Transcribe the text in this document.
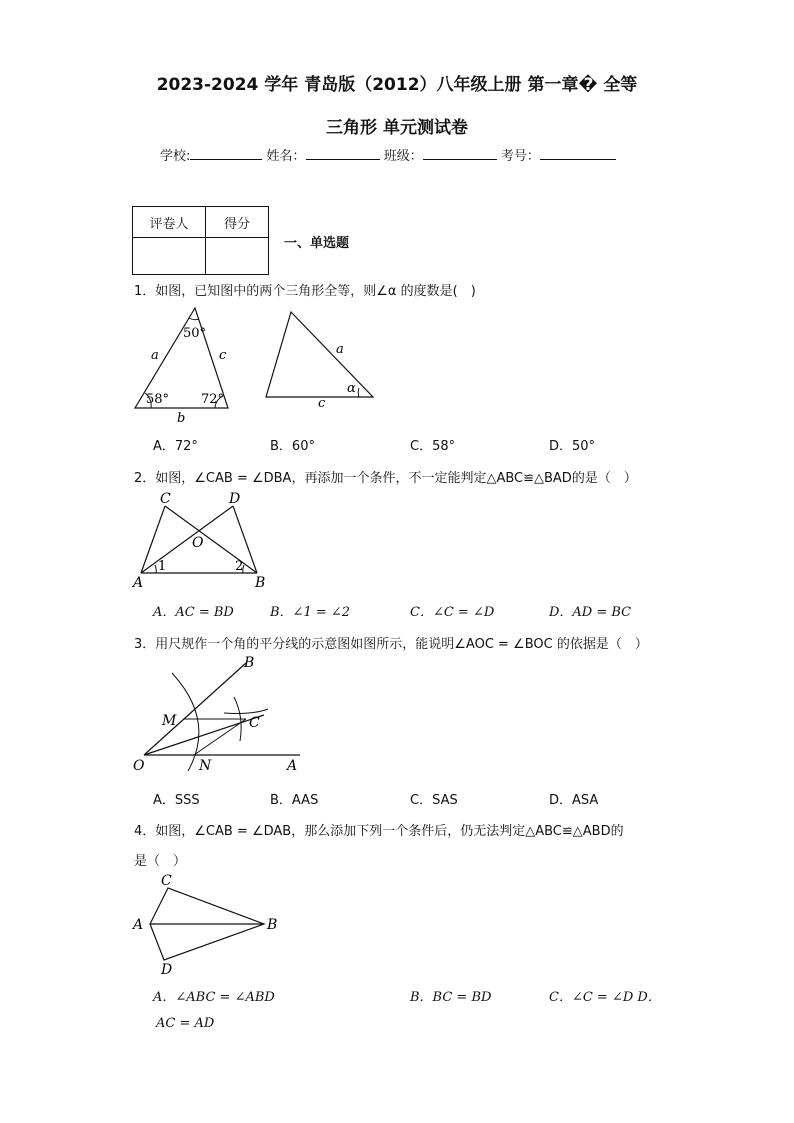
2023-2024 学年 青岛版（2012）八年级上册 第一章� 全等
三角形 单元测试卷
学校:	姓名：	班级：	考号：
评卷人	得分

一、单选题
1．如图，已知图中的两个三角形全等，则∠α 的度数是(　)
50°
58° 72°
a
b
c	a
α
c
A．72°	B．60°	C．58°	D．50°
2．如图，∠CAB = ∠DBA，再添加一个条件，不一定能判定△ABC≌△BAD的是（　）
C	D
O
A	B
1	2
A．AC = BD	B．∠1 = ∠2	C．∠C = ∠D	D．AD = BC
3．用尺规作一个角的平分线的示意图如图所示，能说明∠AOC = ∠BOC 的依据是（　）
B
M	C
O	N	A
A．SSS	B．AAS	C．SAS	D．ASA
4．如图，∠CAB = ∠DAB，那么添加下列一个条件后，仍无法判定△ABC≌△ABD的
是（　）
C
A	B
D
A．∠ABC = ∠ABD	B．BC = BD	C．∠C = ∠D D．
AC = AD
